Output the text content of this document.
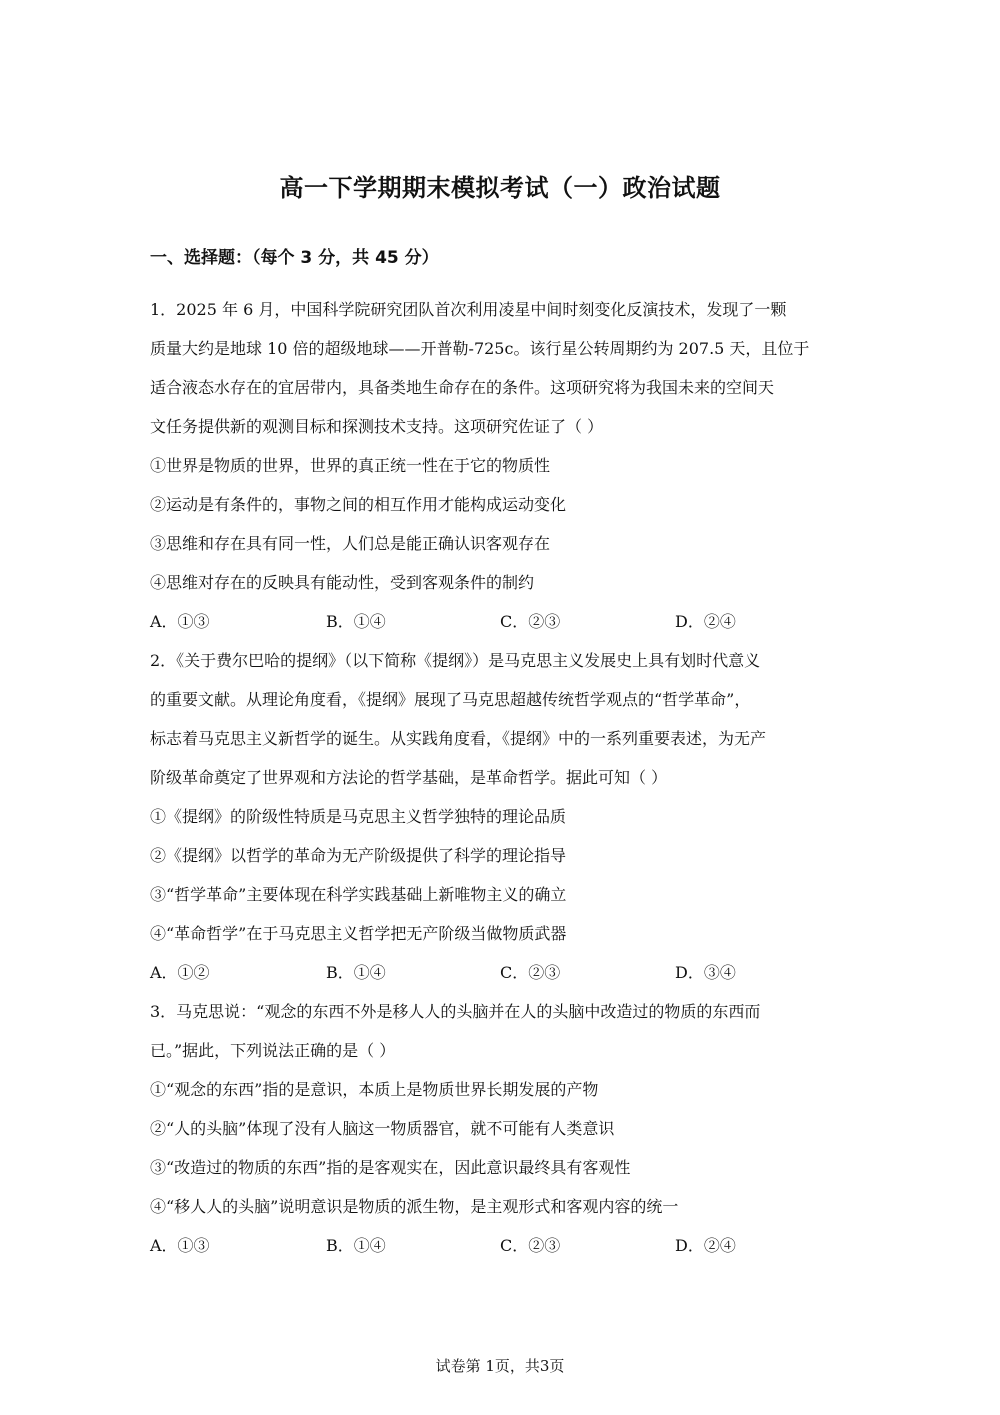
高一下学期期末模拟考试（一）政治试题
一、选择题：（每个 3 分，共 45 分）
1．2025 年 6 月，中国科学院研究团队首次利用凌星中间时刻变化反演技术，发现了一颗
质量大约是地球 10 倍的超级地球——开普勒-725c。该行星公转周期约为 207.5 天，且位于
适合液态水存在的宜居带内，具备类地生命存在的条件。这项研究将为我国未来的空间天
文任务提供新的观测目标和探测技术支持。这项研究佐证了（ ）
①世界是物质的世界，世界的真正统一性在于它的物质性
②运动是有条件的，事物之间的相互作用才能构成运动变化
③思维和存在具有同一性，人们总是能正确认识客观存在
④思维对存在的反映具有能动性，受到客观条件的制约
A．①③	B．①④	C．②③	D．②④
2．《关于费尔巴哈的提纲》（以下简称《提纲》）是马克思主义发展史上具有划时代意义
的重要文献。从理论角度看，《提纲》展现了马克思超越传统哲学观点的“哲学革命”，
标志着马克思主义新哲学的诞生。从实践角度看，《提纲》中的一系列重要表述，为无产
阶级革命奠定了世界观和方法论的哲学基础，是革命哲学。据此可知（ ）
①《提纲》的阶级性特质是马克思主义哲学独特的理论品质
②《提纲》以哲学的革命为无产阶级提供了科学的理论指导
③“哲学革命”主要体现在科学实践基础上新唯物主义的确立
④“革命哲学”在于马克思主义哲学把无产阶级当做物质武器
A．①②	B．①④	C．②③	D．③④
3．马克思说：“观念的东西不外是移人人的头脑并在人的头脑中改造过的物质的东西而
已。”据此，下列说法正确的是（ ）
①“观念的东西”指的是意识，本质上是物质世界长期发展的产物
②“人的头脑”体现了没有人脑这一物质器官，就不可能有人类意识
③“改造过的物质的东西”指的是客观实在，因此意识最终具有客观性
④“移人人的头脑”说明意识是物质的派生物，是主观形式和客观内容的统一
A．①③	B．①④	C．②③	D．②④
试卷第 1页，共3页
